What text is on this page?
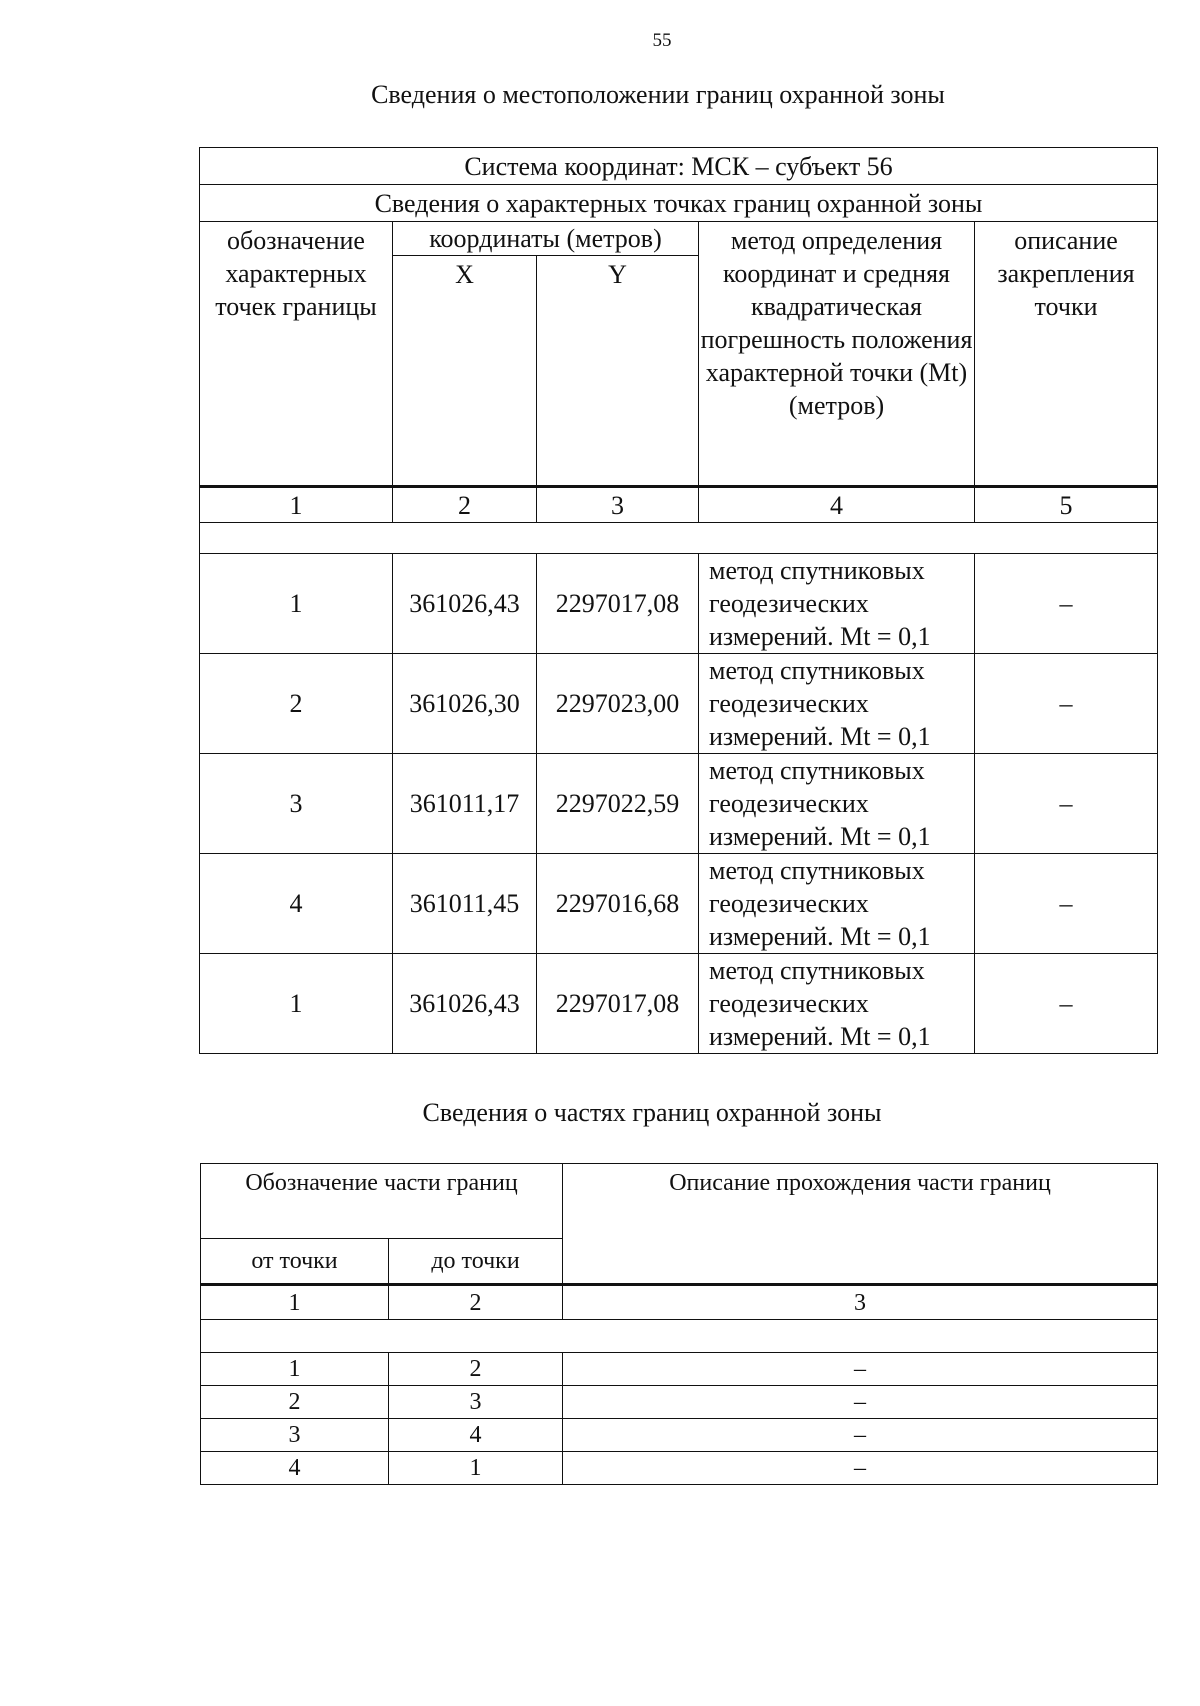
55
Сведения о местоположении границ охранной зоны
Система координат: МСК – субъект 56				
Сведения о характерных точках границ охранной зоны				
обозначение характерных точек границы	координаты (метров)		метод определения координат и средняя квадратическая погрешность положения характерной точки (Mt) (метров)	описание закрепления точки
	X	Y		
1	2	3	4	5

1	361026,43	2297017,08	метод спутниковых геодезических измерений. Mt = 0,1	–
2	361026,30	2297023,00	метод спутниковых геодезических измерений. Mt = 0,1	–
3	361011,17	2297022,59	метод спутниковых геодезических измерений. Mt = 0,1	–
4	361011,45	2297016,68	метод спутниковых геодезических измерений. Mt = 0,1	–
1	361026,43	2297017,08	метод спутниковых геодезических измерений. Mt = 0,1	–
Сведения о частях границ охранной зоны
Обозначение части границ		Описание прохождения части границ
от точки	до точки	
1	2	3

1	2	–
2	3	–
3	4	–
4	1	–
